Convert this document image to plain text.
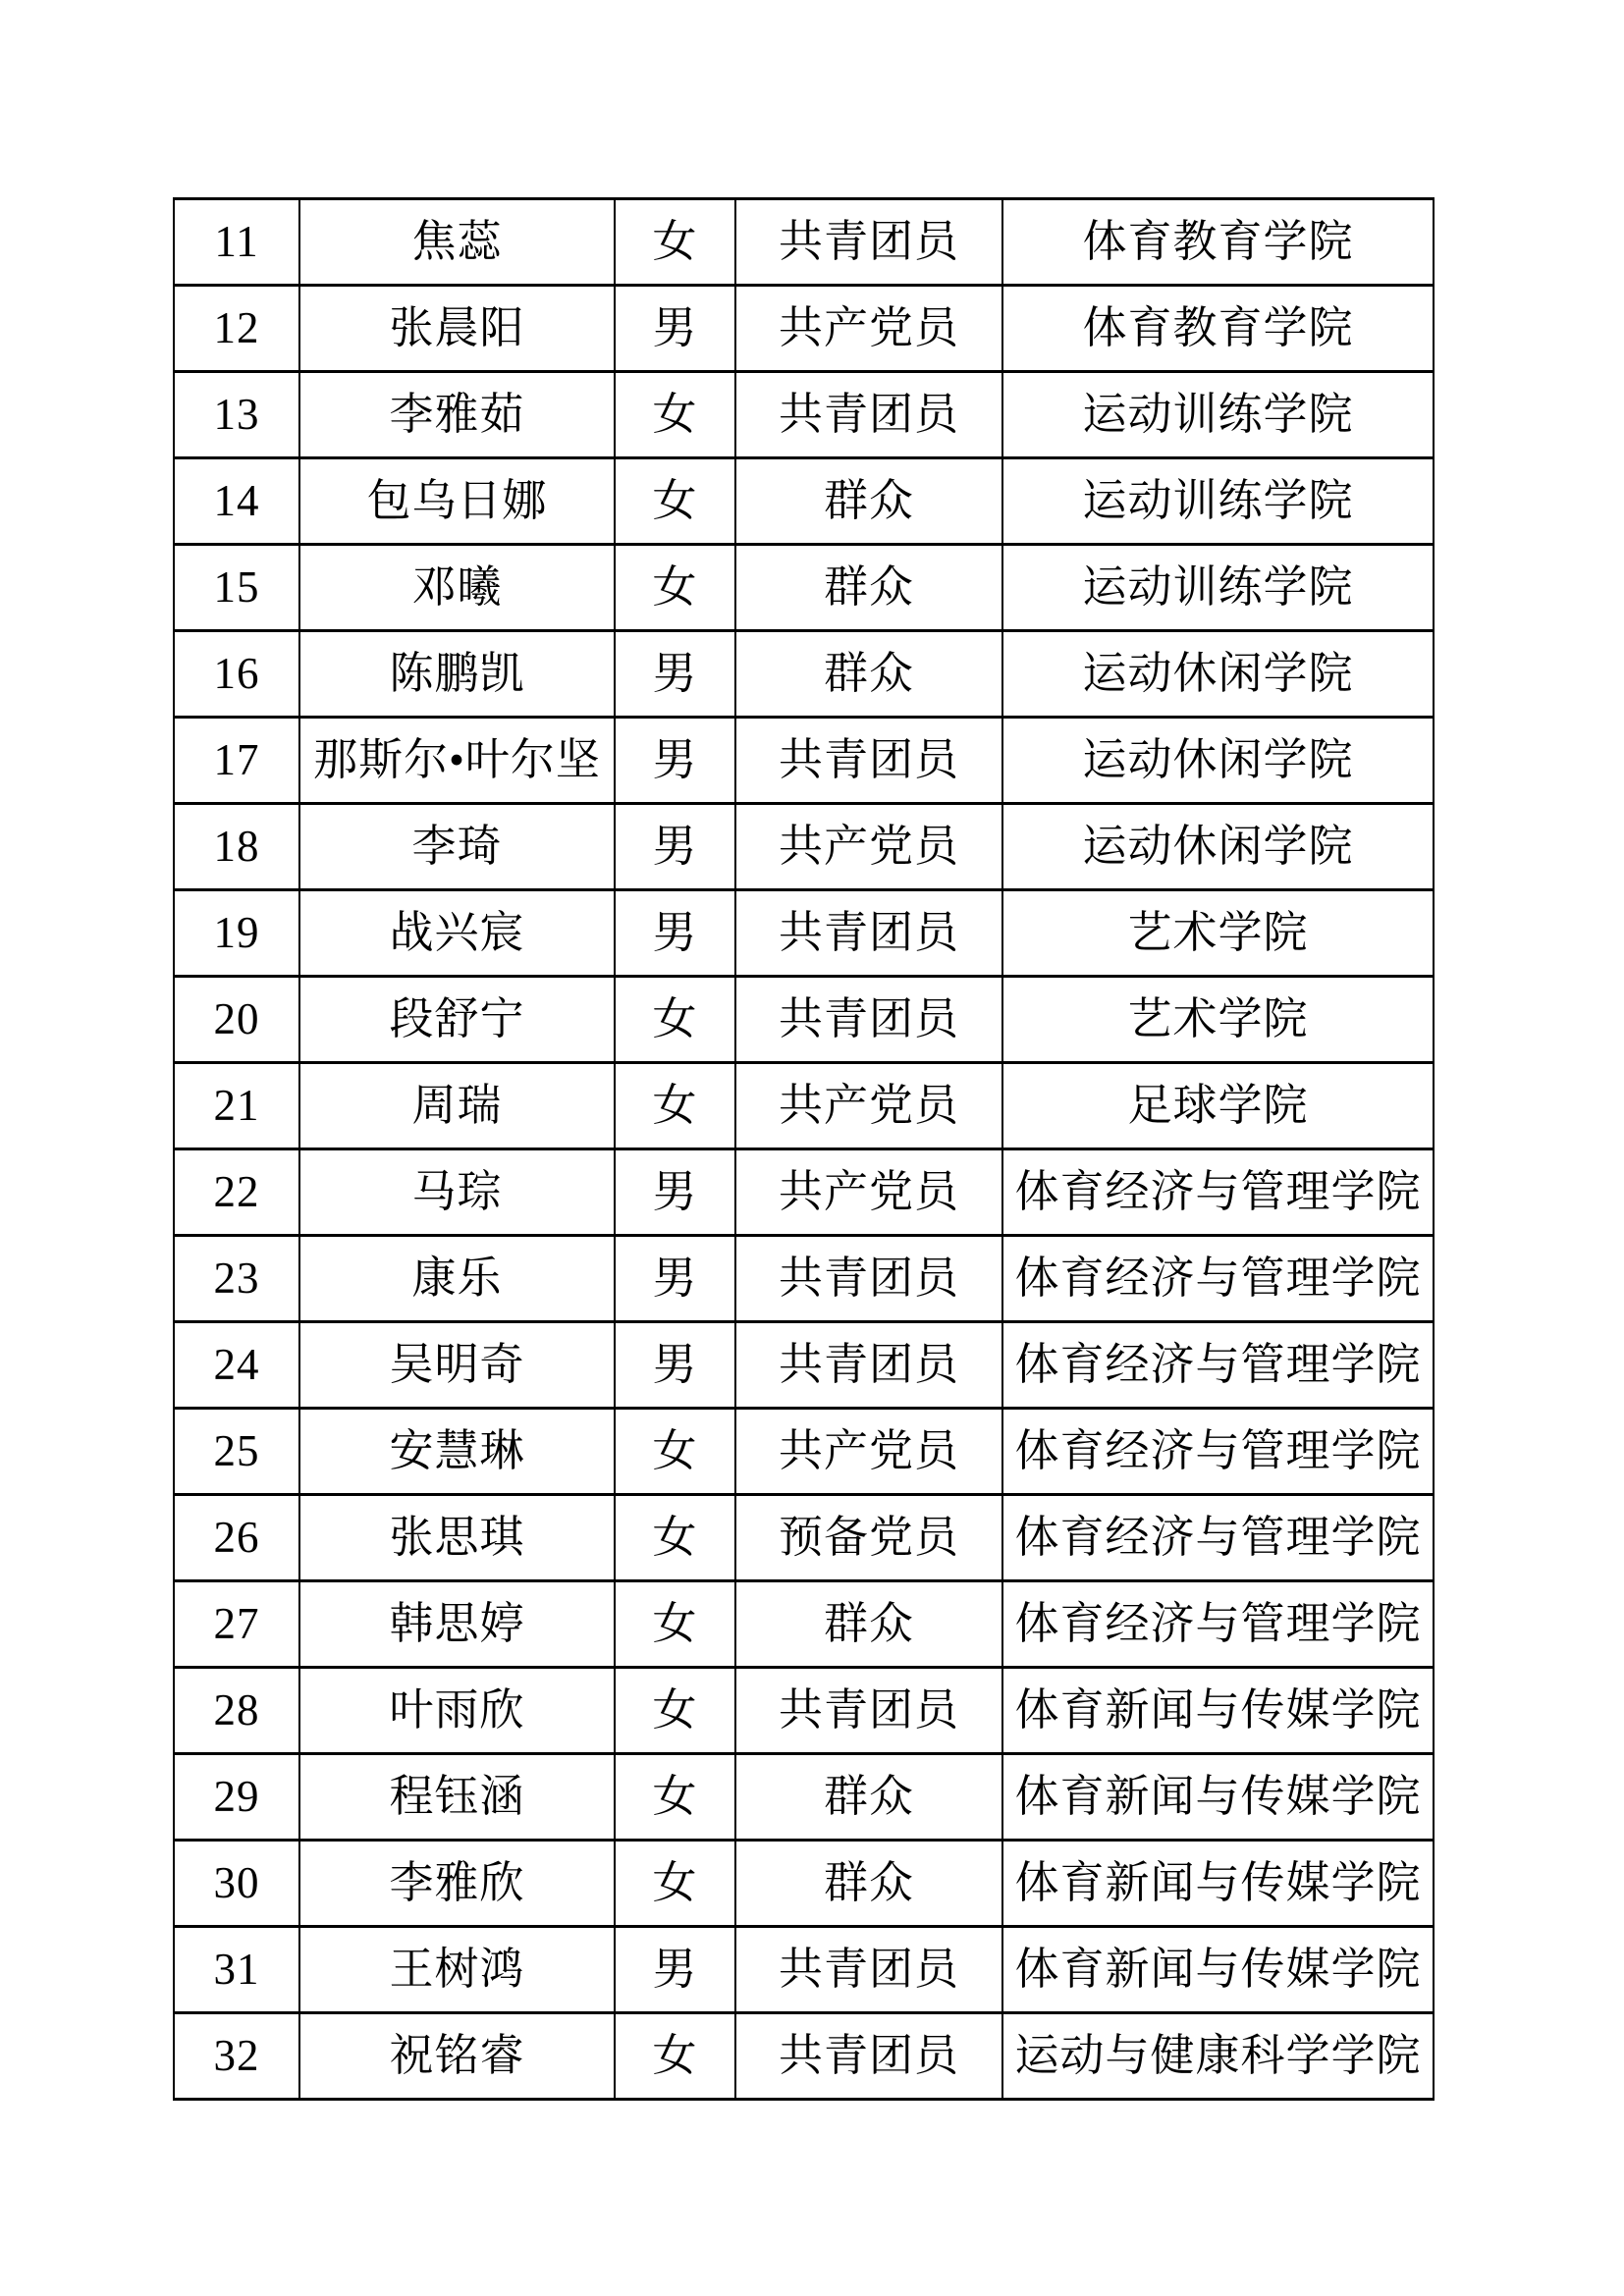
11	焦蕊	女	共青团员	体育教育学院
12	张晨阳	男	共产党员	体育教育学院
13	李雅茹	女	共青团员	运动训练学院
14	包乌日娜	女	群众	运动训练学院
15	邓曦	女	群众	运动训练学院
16	陈鹏凯	男	群众	运动休闲学院
17	那斯尔•叶尔坚	男	共青团员	运动休闲学院
18	李琦	男	共产党员	运动休闲学院
19	战兴宸	男	共青团员	艺术学院
20	段舒宁	女	共青团员	艺术学院
21	周瑞	女	共产党员	足球学院
22	马琮	男	共产党员	体育经济与管理学院
23	康乐	男	共青团员	体育经济与管理学院
24	吴明奇	男	共青团员	体育经济与管理学院
25	安慧琳	女	共产党员	体育经济与管理学院
26	张思琪	女	预备党员	体育经济与管理学院
27	韩思婷	女	群众	体育经济与管理学院
28	叶雨欣	女	共青团员	体育新闻与传媒学院
29	程钰涵	女	群众	体育新闻与传媒学院
30	李雅欣	女	群众	体育新闻与传媒学院
31	王树鸿	男	共青团员	体育新闻与传媒学院
32	祝铭睿	女	共青团员	运动与健康科学学院
